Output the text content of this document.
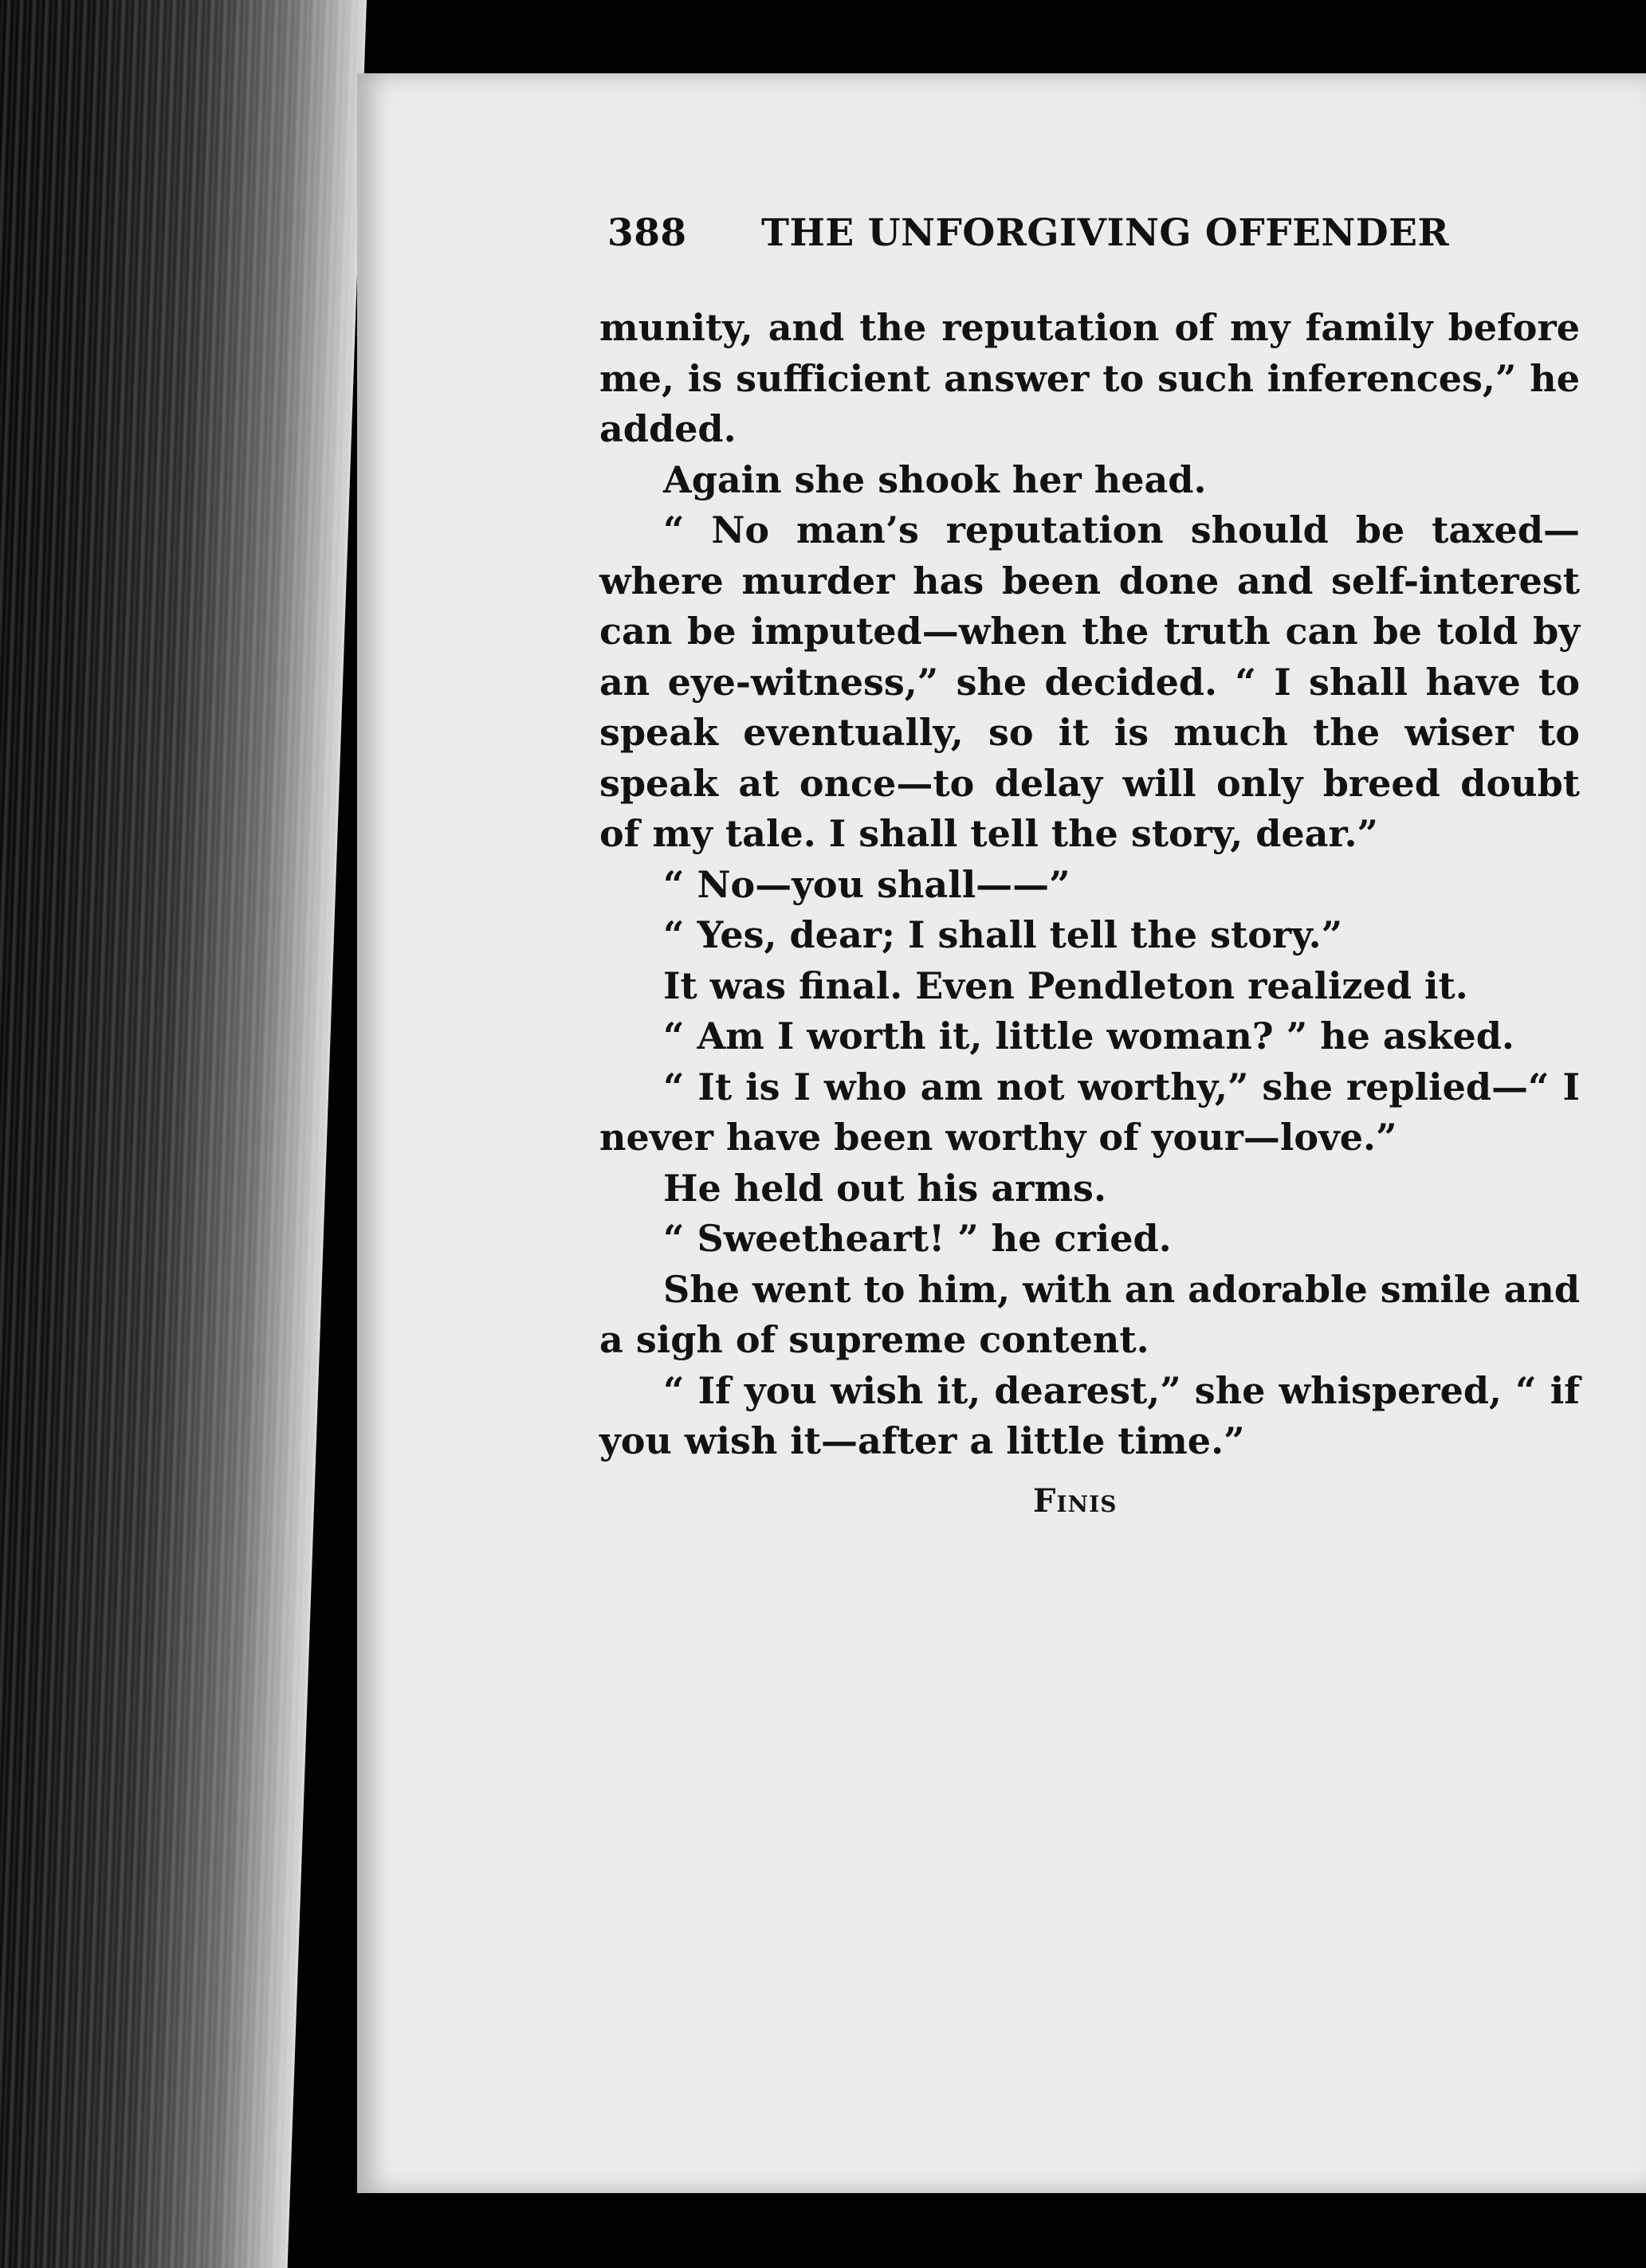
388 THE UNFORGIVING OFFENDER

munity, and the reputation of my family before me, is sufficient answer to such inferences,” he added.

Again she shook her head.

“ No man’s reputation should be taxed—where murder has been done and self-interest can be imputed—when the truth can be told by an eye-witness,” she decided. “ I shall have to speak eventually, so it is much the wiser to speak at once—to delay will only breed doubt of my tale. I shall tell the story, dear.”

“ No—you shall——”

“ Yes, dear; I shall tell the story.”

It was final. Even Pendleton realized it.

“ Am I worth it, little woman? ” he asked.

“ It is I who am not worthy,” she replied—“ I never have been worthy of your—love.”

He held out his arms.

“ Sweetheart! ” he cried.

She went to him, with an adorable smile and a sigh of supreme content.

“ If you wish it, dearest,” she whispered, “ if you wish it—after a little time.”

Finis
